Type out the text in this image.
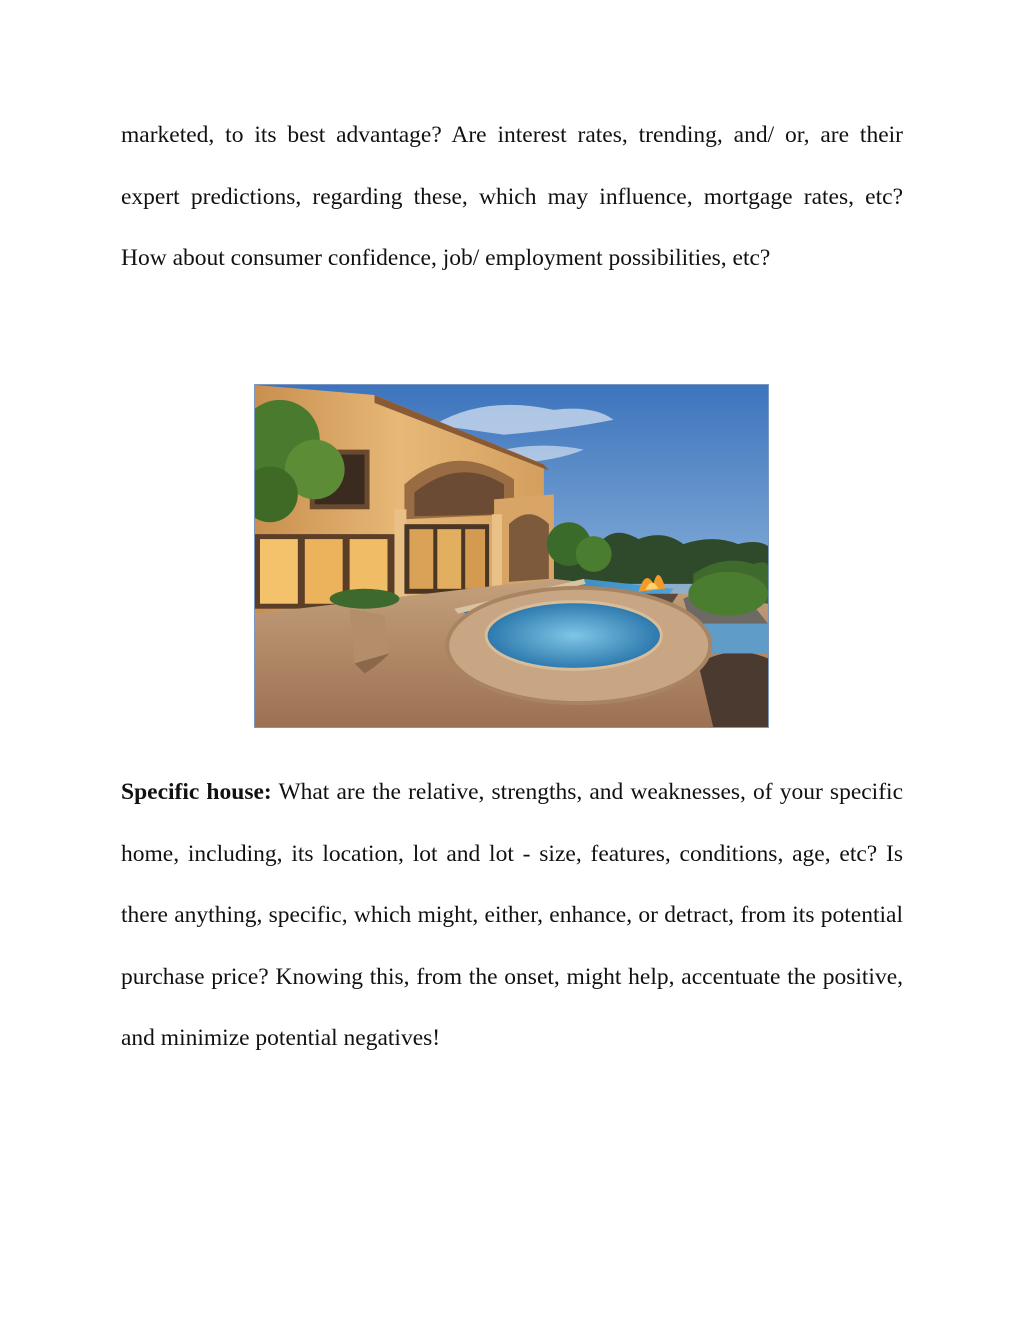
marketed, to its best advantage? Are interest rates, trending, and/ or, are their expert predictions, regarding these, which may influence, mortgage rates, etc? How about consumer confidence, job/ employment possibilities, etc?

Specific house: What are the relative, strengths, and weaknesses, of your specific home, including, its location, lot and lot - size, features, conditions, age, etc? Is there anything, specific, which might, either, enhance, or detract, from its potential purchase price? Knowing this, from the onset, might help, accentuate the positive, and minimize potential negatives!
